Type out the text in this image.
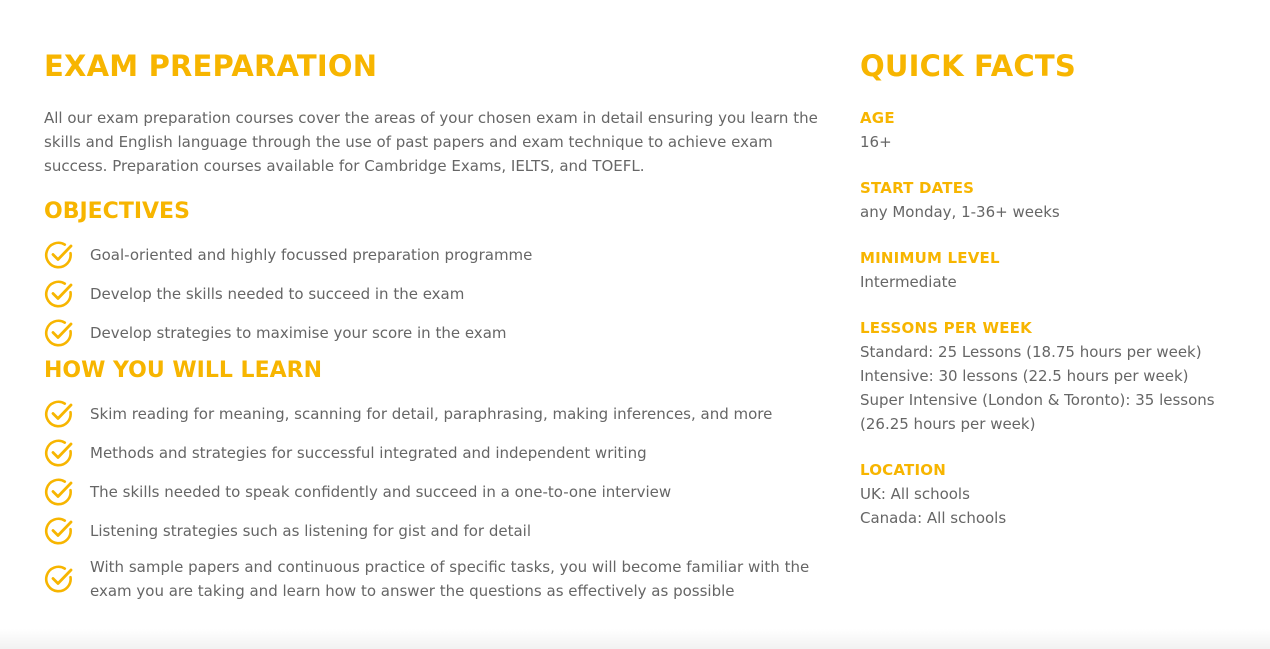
EXAM PREPARATION

All our exam preparation courses cover the areas of your chosen exam in detail ensuring you learn the skills and English language through the use of past papers and exam technique to achieve exam success. Preparation courses available for Cambridge Exams, IELTS, and TOEFL.

OBJECTIVES
Goal-oriented and highly focussed preparation programme
Develop the skills needed to succeed in the exam
Develop strategies to maximise your score in the exam
HOW YOU WILL LEARN
Skim reading for meaning, scanning for detail, paraphrasing, making inferences, and more
Methods and strategies for successful integrated and independent writing
The skills needed to speak confidently and succeed in a one-to-one interview
Listening strategies such as listening for gist and for detail
With sample papers and continuous practice of specific tasks, you will become familiar with the exam you are taking and learn how to answer the questions as effectively as possible
QUICK FACTS
AGE
16+
START DATES
any Monday, 1-36+ weeks
MINIMUM LEVEL
Intermediate
LESSONS PER WEEK
Standard: 25 Lessons (18.75 hours per week)
Intensive: 30 lessons (22.5 hours per week)
Super Intensive (London & Toronto): 35 lessons (26.25 hours per week)
LOCATION
UK: All schools
Canada: All schools
